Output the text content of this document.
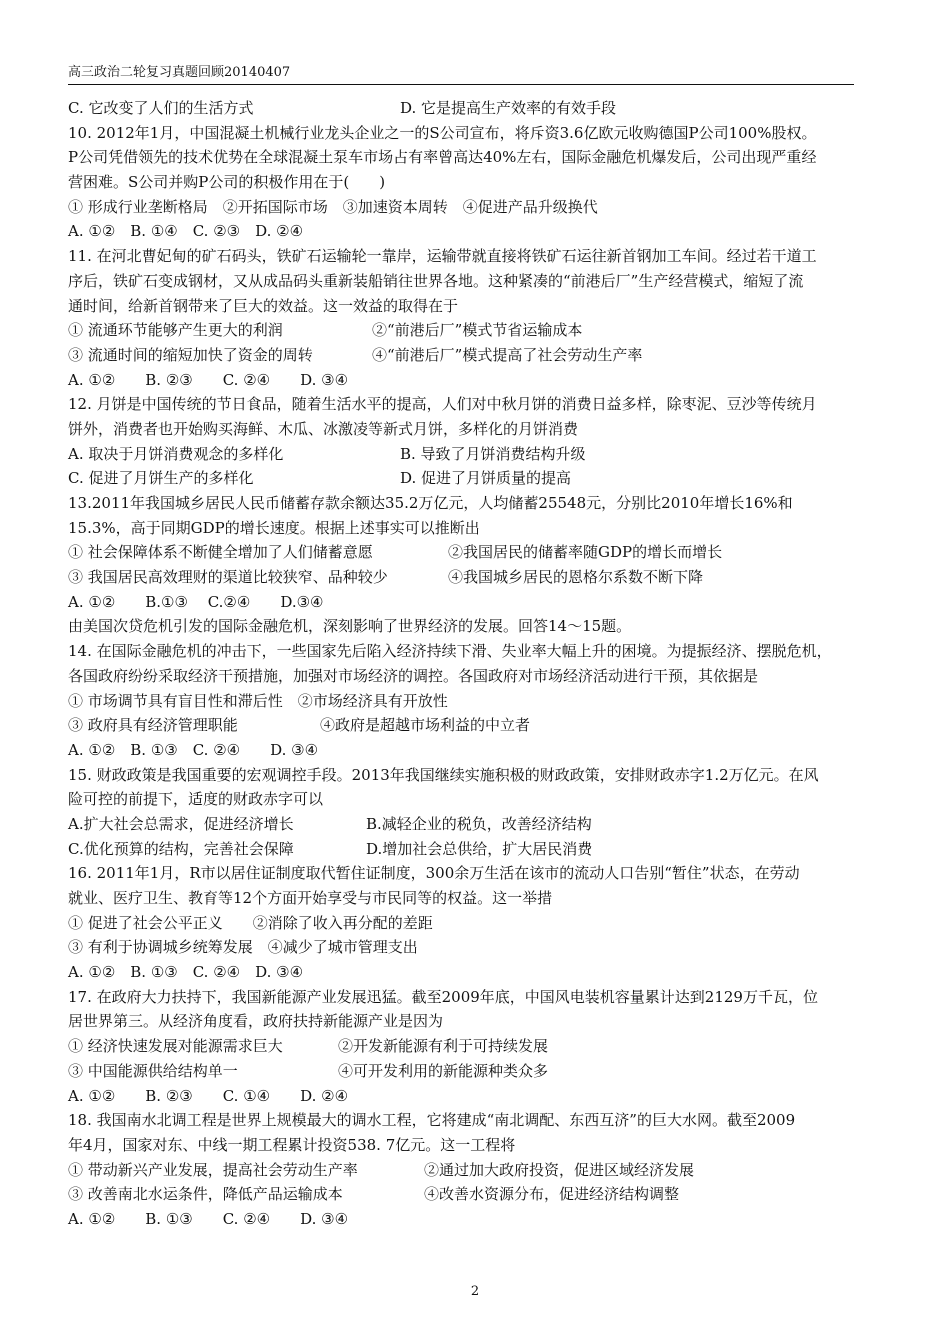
高三政治二轮复习真题回顾20140407
C. 它改变了人们的生活方式	D. 它是提高生产效率的有效手段
10. 2012年1月，中国混凝土机械行业龙头企业之一的S公司宣布，将斥资3.6亿欧元收购德国P公司100%股权。
P公司凭借领先的技术优势在全球混凝土泵车市场占有率曾高达40%左右，国际金融危机爆发后，公司出现严重经
营困难。S公司并购P公司的积极作用在于(　　)
① 形成行业垄断格局　②开拓国际市场　③加速资本周转　④促进产品升级换代
A. ①②　B. ①④　C. ②③　D. ②④
11. 在河北曹妃甸的矿石码头，铁矿石运输轮一靠岸，运输带就直接将铁矿石运往新首钢加工车间。经过若干道工
序后，铁矿石变成钢材，又从成品码头重新装船销往世界各地。这种紧凑的“前港后厂”生产经营模式，缩短了流
通时间，给新首钢带来了巨大的效益。这一效益的取得在于
① 流通环节能够产生更大的利润	②“前港后厂”模式节省运输成本
③ 流通时间的缩短加快了资金的周转	④“前港后厂”模式提高了社会劳动生产率
A. ①②　　B. ②③　　C. ②④　　D. ③④
12. 月饼是中国传统的节日食品，随着生活水平的提高，人们对中秋月饼的消费日益多样，除枣泥、豆沙等传统月
饼外，消费者也开始购买海鲜、木瓜、冰激凌等新式月饼，多样化的月饼消费
A. 取决于月饼消费观念的多样化	B. 导致了月饼消费结构升级
C. 促进了月饼生产的多样化	D. 促进了月饼质量的提高
13.2011年我国城乡居民人民币储蓄存款余额达35.2万亿元，人均储蓄25548元，分别比2010年增长16%和
15.3%，高于同期GDP的增长速度。根据上述事实可以推断出
① 社会保障体系不断健全增加了人们储蓄意愿	②我国居民的储蓄率随GDP的增长而增长
③ 我国居民高效理财的渠道比较狭窄、品种较少	④我国城乡居民的恩格尔系数不断下降
A. ①②　　B.①③　 C.②④　　D.③④
由美国次贷危机引发的国际金融危机，深刻影响了世界经济的发展。回答14～15题。
14. 在国际金融危机的冲击下，一些国家先后陷入经济持续下滑、失业率大幅上升的困境。为提振经济、摆脱危机，
各国政府纷纷采取经济干预措施，加强对市场经济的调控。各国政府对市场经济活动进行干预，其依据是
① 市场调节具有盲目性和滞后性　②市场经济具有开放性
③ 政府具有经济管理职能	④政府是超越市场利益的中立者
A. ①②　B. ①③　C. ②④　　D. ③④
15. 财政政策是我国重要的宏观调控手段。2013年我国继续实施积极的财政政策，安排财政赤字1.2万亿元。在风
险可控的前提下，适度的财政赤字可以
A.扩大社会总需求，促进经济增长	B.减轻企业的税负，改善经济结构
C.优化预算的结构，完善社会保障	D.增加社会总供给，扩大居民消费
16. 2011年1月，R市以居住证制度取代暂住证制度，300余万生活在该市的流动人口告别“暂住”状态，在劳动
就业、医疗卫生、教育等12个方面开始享受与市民同等的权益。这一举措
① 促进了社会公平正义　　②消除了收入再分配的差距
③ 有利于协调城乡统筹发展　④减少了城市管理支出
A. ①②　B. ①③　C. ②④　D. ③④
17. 在政府大力扶持下，我国新能源产业发展迅猛。截至2009年底，中国风电装机容量累计达到2129万千瓦，位
居世界第三。从经济角度看，政府扶持新能源产业是因为
① 经济快速发展对能源需求巨大	②开发新能源有利于可持续发展
③ 中国能源供给结构单一	④可开发利用的新能源种类众多
A. ①②　　B. ②③　　C. ①④　　D. ②④
18. 我国南水北调工程是世界上规模最大的调水工程，它将建成“南北调配、东西互济”的巨大水网。截至2009
年4月，国家对东、中线一期工程累计投资538. 7亿元。这一工程将
① 带动新兴产业发展，提高社会劳动生产率	②通过加大政府投资，促进区域经济发展
③ 改善南北水运条件，降低产品运输成本	④改善水资源分布，促进经济结构调整
A. ①②　　B. ①③　　C. ②④　　D. ③④
2
